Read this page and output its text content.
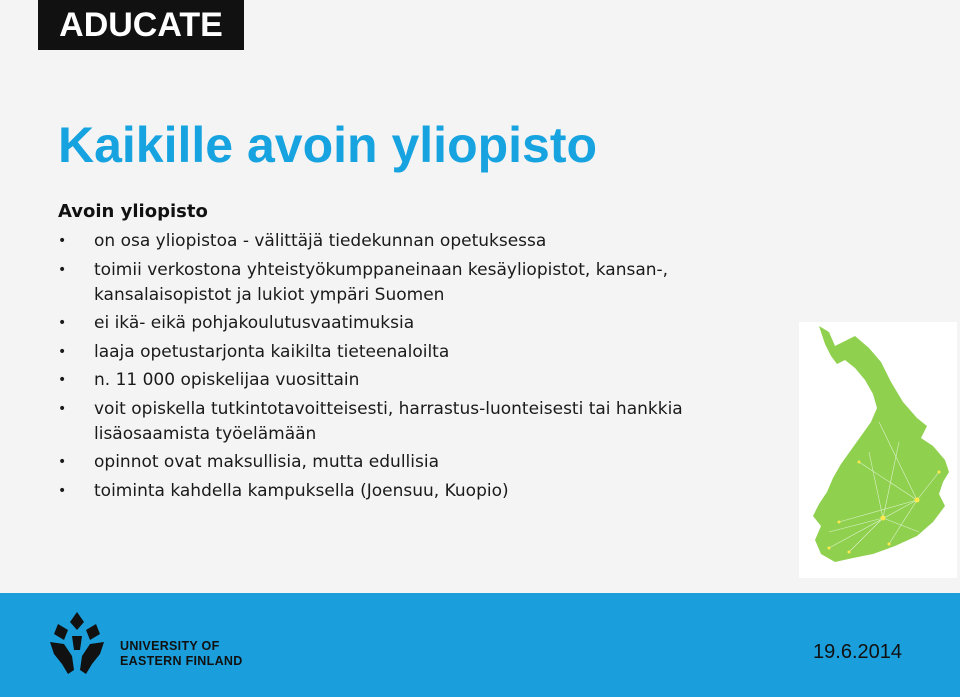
ADUCATE
Kaikille avoin yliopisto
Avoin yliopisto
• on osa yliopistoa - välittäjä tiedekunnan opetuksessa
• toimii verkostona yhteistyökumppaneinaan kesäyliopistot, kansan-, kansalaisopistot ja lukiot ympäri Suomen
• ei ikä- eikä pohjakoulutusvaatimuksia
• laaja opetustarjonta kaikilta tieteenaloilta
• n. 11 000 opiskelijaa vuosittain
• voit opiskella tutkintotavoitteisesti, harrastus-luonteisesti tai hankkia lisäosaamista työelämään
• opinnot ovat maksullisia, mutta edullisia
• toiminta kahdella kampuksella (Joensuu, Kuopio)
UNIVERSITY OF
EASTERN FINLAND	19.6.2014
